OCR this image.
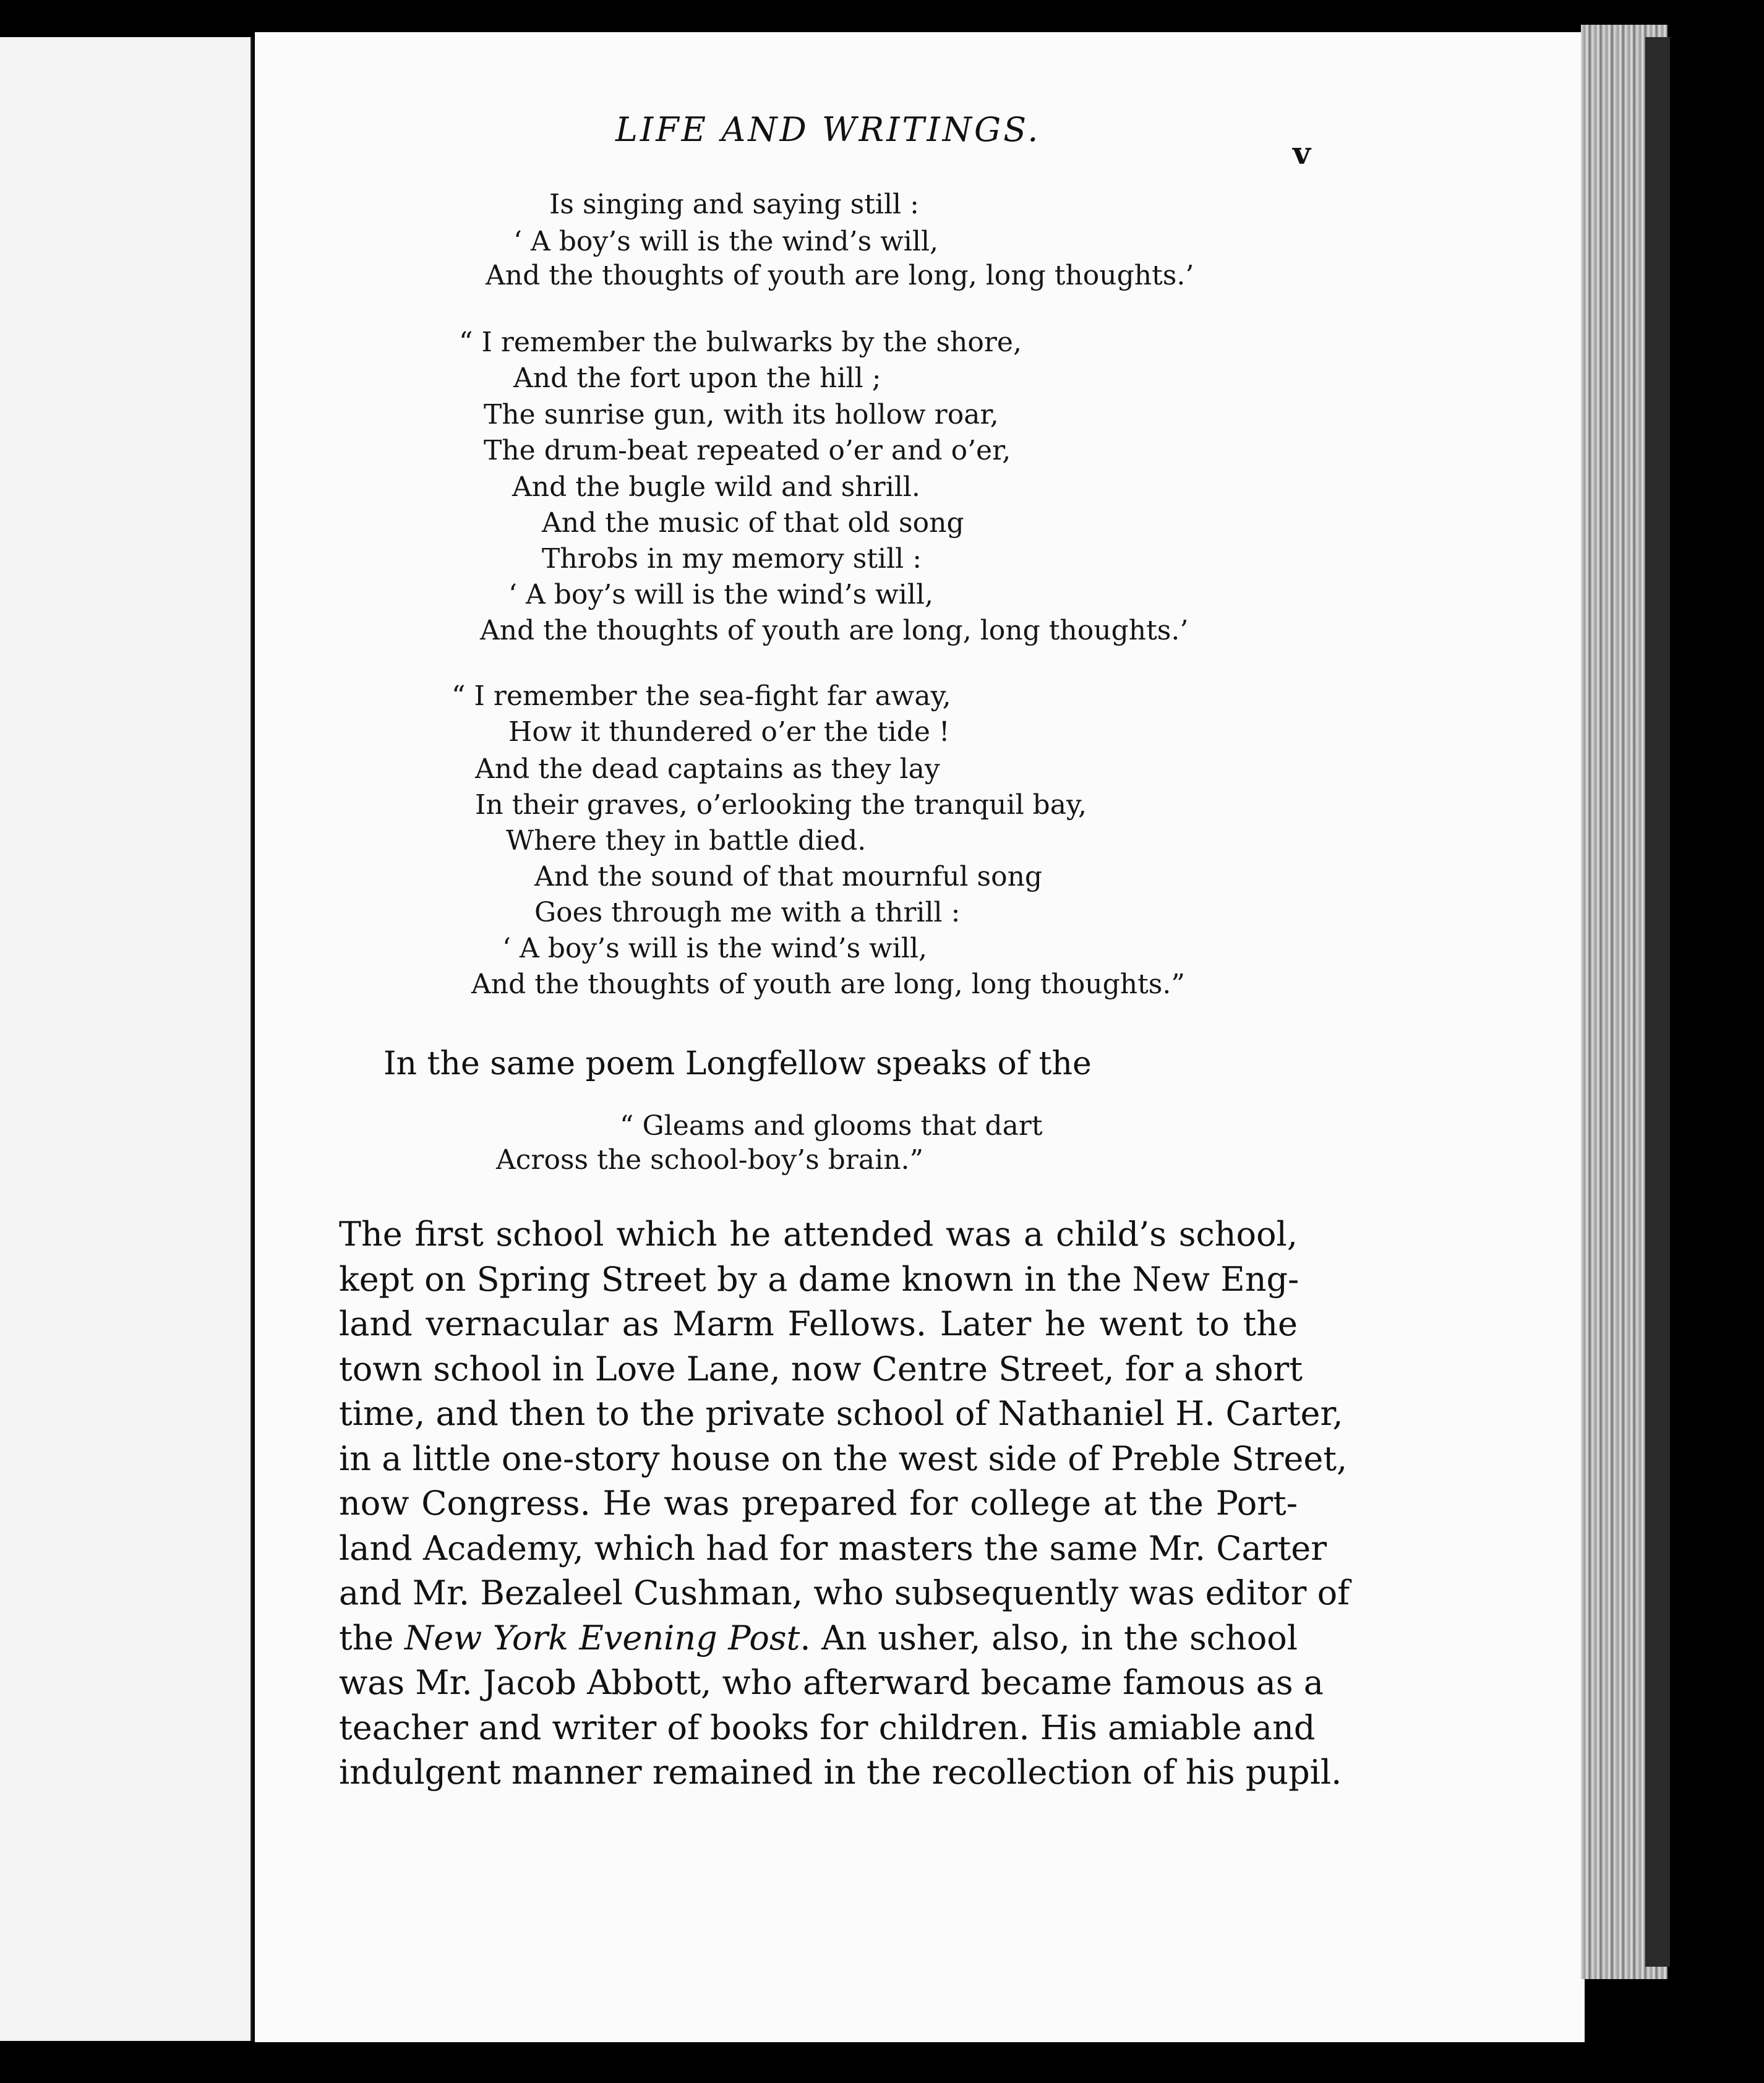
LIFE AND WRITINGS.
v
Is singing and saying still :
‘ A boy’s will is the wind’s will,
And the thoughts of youth are long, long thoughts.’
“ I remember the bulwarks by the shore,
And the fort upon the hill ;
The sunrise gun, with its hollow roar,
The drum-beat repeated o’er and o’er,
And the bugle wild and shrill.
And the music of that old song
Throbs in my memory still :
‘ A boy’s will is the wind’s will,
And the thoughts of youth are long, long thoughts.’
“ I remember the sea-fight far away,
How it thundered o’er the tide !
And the dead captains as they lay
In their graves, o’erlooking the tranquil bay,
Where they in battle died.
And the sound of that mournful song
Goes through me with a thrill :
‘ A boy’s will is the wind’s will,
And the thoughts of youth are long, long thoughts.”
In the same poem Longfellow speaks of the
“ Gleams and glooms that dart
Across the school-boy’s brain.”
The first school which he attended was a child’s school,
kept on Spring Street by a dame known in the New Eng-
land vernacular as Marm Fellows. Later he went to the
town school in Love Lane, now Centre Street, for a short
time, and then to the private school of Nathaniel H. Carter,
in a little one-story house on the west side of Preble Street,
now Congress. He was prepared for college at the Port-
land Academy, which had for masters the same Mr. Carter
and Mr. Bezaleel Cushman, who subsequently was editor of
the New York Evening Post. An usher, also, in the school
was Mr. Jacob Abbott, who afterward became famous as a
teacher and writer of books for children. His amiable and
indulgent manner remained in the recollection of his pupil.
